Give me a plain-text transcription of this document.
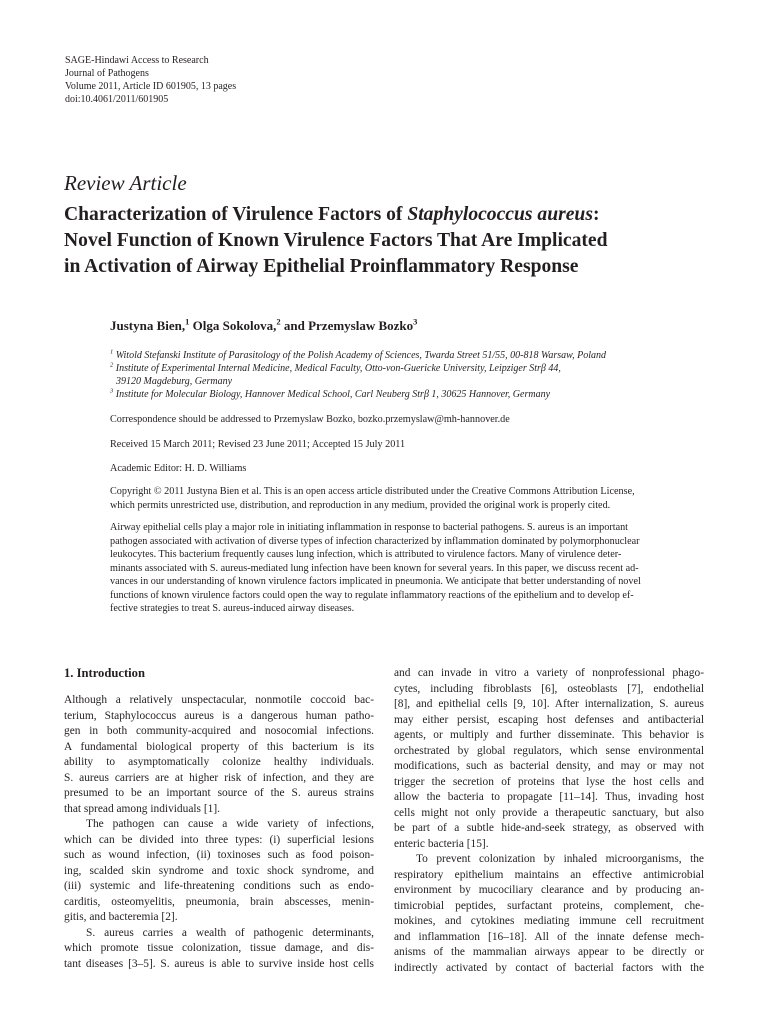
SAGE-Hindawi Access to Research
Journal of Pathogens
Volume 2011, Article ID 601905, 13 pages
doi:10.4061/2011/601905
Review Article
Characterization of Virulence Factors of Staphylococcus aureus:
Novel Function of Known Virulence Factors That Are Implicated
in Activation of Airway Epithelial Proinflammatory Response
Justyna Bien,$^1$ Olga Sokolova,$^2$ and Przemyslaw Bozko$^3$
$^1$ Witold Stefanski Institute of Parasitology of the Polish Academy of Sciences, Twarda Street 51/55, 00-818 Warsaw, Poland
$^2$ Institute of Experimental Internal Medicine, Medical Faculty, Otto-von-Guericke University, Leipziger Strβ 44,
39120 Magdeburg, Germany
$^3$ Institute for Molecular Biology, Hannover Medical School, Carl Neuberg Strβ 1, 30625 Hannover, Germany
Correspondence should be addressed to Przemyslaw Bozko, bozko.przemyslaw@mh-hannover.de
Received 15 March 2011; Revised 23 June 2011; Accepted 15 July 2011
Academic Editor: H. D. Williams
Copyright © 2011 Justyna Bien et al. This is an open access article distributed under the Creative Commons Attribution License,
which permits unrestricted use, distribution, and reproduction in any medium, provided the original work is properly cited.
Airway epithelial cells play a major role in initiating inflammation in response to bacterial pathogens. S. aureus is an important
pathogen associated with activation of diverse types of infection characterized by inflammation dominated by polymorphonuclear
leukocytes. This bacterium frequently causes lung infection, which is attributed to virulence factors. Many of virulence deter-
minants associated with S. aureus-mediated lung infection have been known for several years. In this paper, we discuss recent ad-
vances in our understanding of known virulence factors implicated in pneumonia. We anticipate that better understanding of novel
functions of known virulence factors could open the way to regulate inflammatory reactions of the epithelium and to develop ef-
fective strategies to treat S. aureus-induced airway diseases.
1. Introduction
Although a relatively unspectacular, nonmotile coccoid bac-
terium, Staphylococcus aureus is a dangerous human patho-
gen in both community-acquired and nosocomial infections.
A fundamental biological property of this bacterium is its
ability to asymptomatically colonize healthy individuals.
S. aureus carriers are at higher risk of infection, and they are
presumed to be an important source of the S. aureus strains
that spread among individuals [1].
The pathogen can cause a wide variety of infections,
which can be divided into three types: (i) superficial lesions
such as wound infection, (ii) toxinoses such as food poison-
ing, scalded skin syndrome and toxic shock syndrome, and
(iii) systemic and life-threatening conditions such as endo-
carditis, osteomyelitis, pneumonia, brain abscesses, menin-
gitis, and bacteremia [2].
S. aureus carries a wealth of pathogenic determinants,
which promote tissue colonization, tissue damage, and dis-
tant diseases [3–5]. S. aureus is able to survive inside host cells
and can invade in vitro a variety of nonprofessional phago-
cytes, including fibroblasts [6], osteoblasts [7], endothelial
[8], and epithelial cells [9, 10]. After internalization, S. aureus
may either persist, escaping host defenses and antibacterial
agents, or multiply and further disseminate. This behavior is
orchestrated by global regulators, which sense environmental
modifications, such as bacterial density, and may or may not
trigger the secretion of proteins that lyse the host cells and
allow the bacteria to propagate [11–14]. Thus, invading host
cells might not only provide a therapeutic sanctuary, but also
be part of a subtle hide-and-seek strategy, as observed with
enteric bacteria [15].
To prevent colonization by inhaled microorganisms, the
respiratory epithelium maintains an effective antimicrobial
environment by mucociliary clearance and by producing an-
timicrobial peptides, surfactant proteins, complement, che-
mokines, and cytokines mediating immune cell recruitment
and inflammation [16–18]. All of the innate defense mech-
anisms of the mammalian airways appear to be directly or
indirectly activated by contact of bacterial factors with the
